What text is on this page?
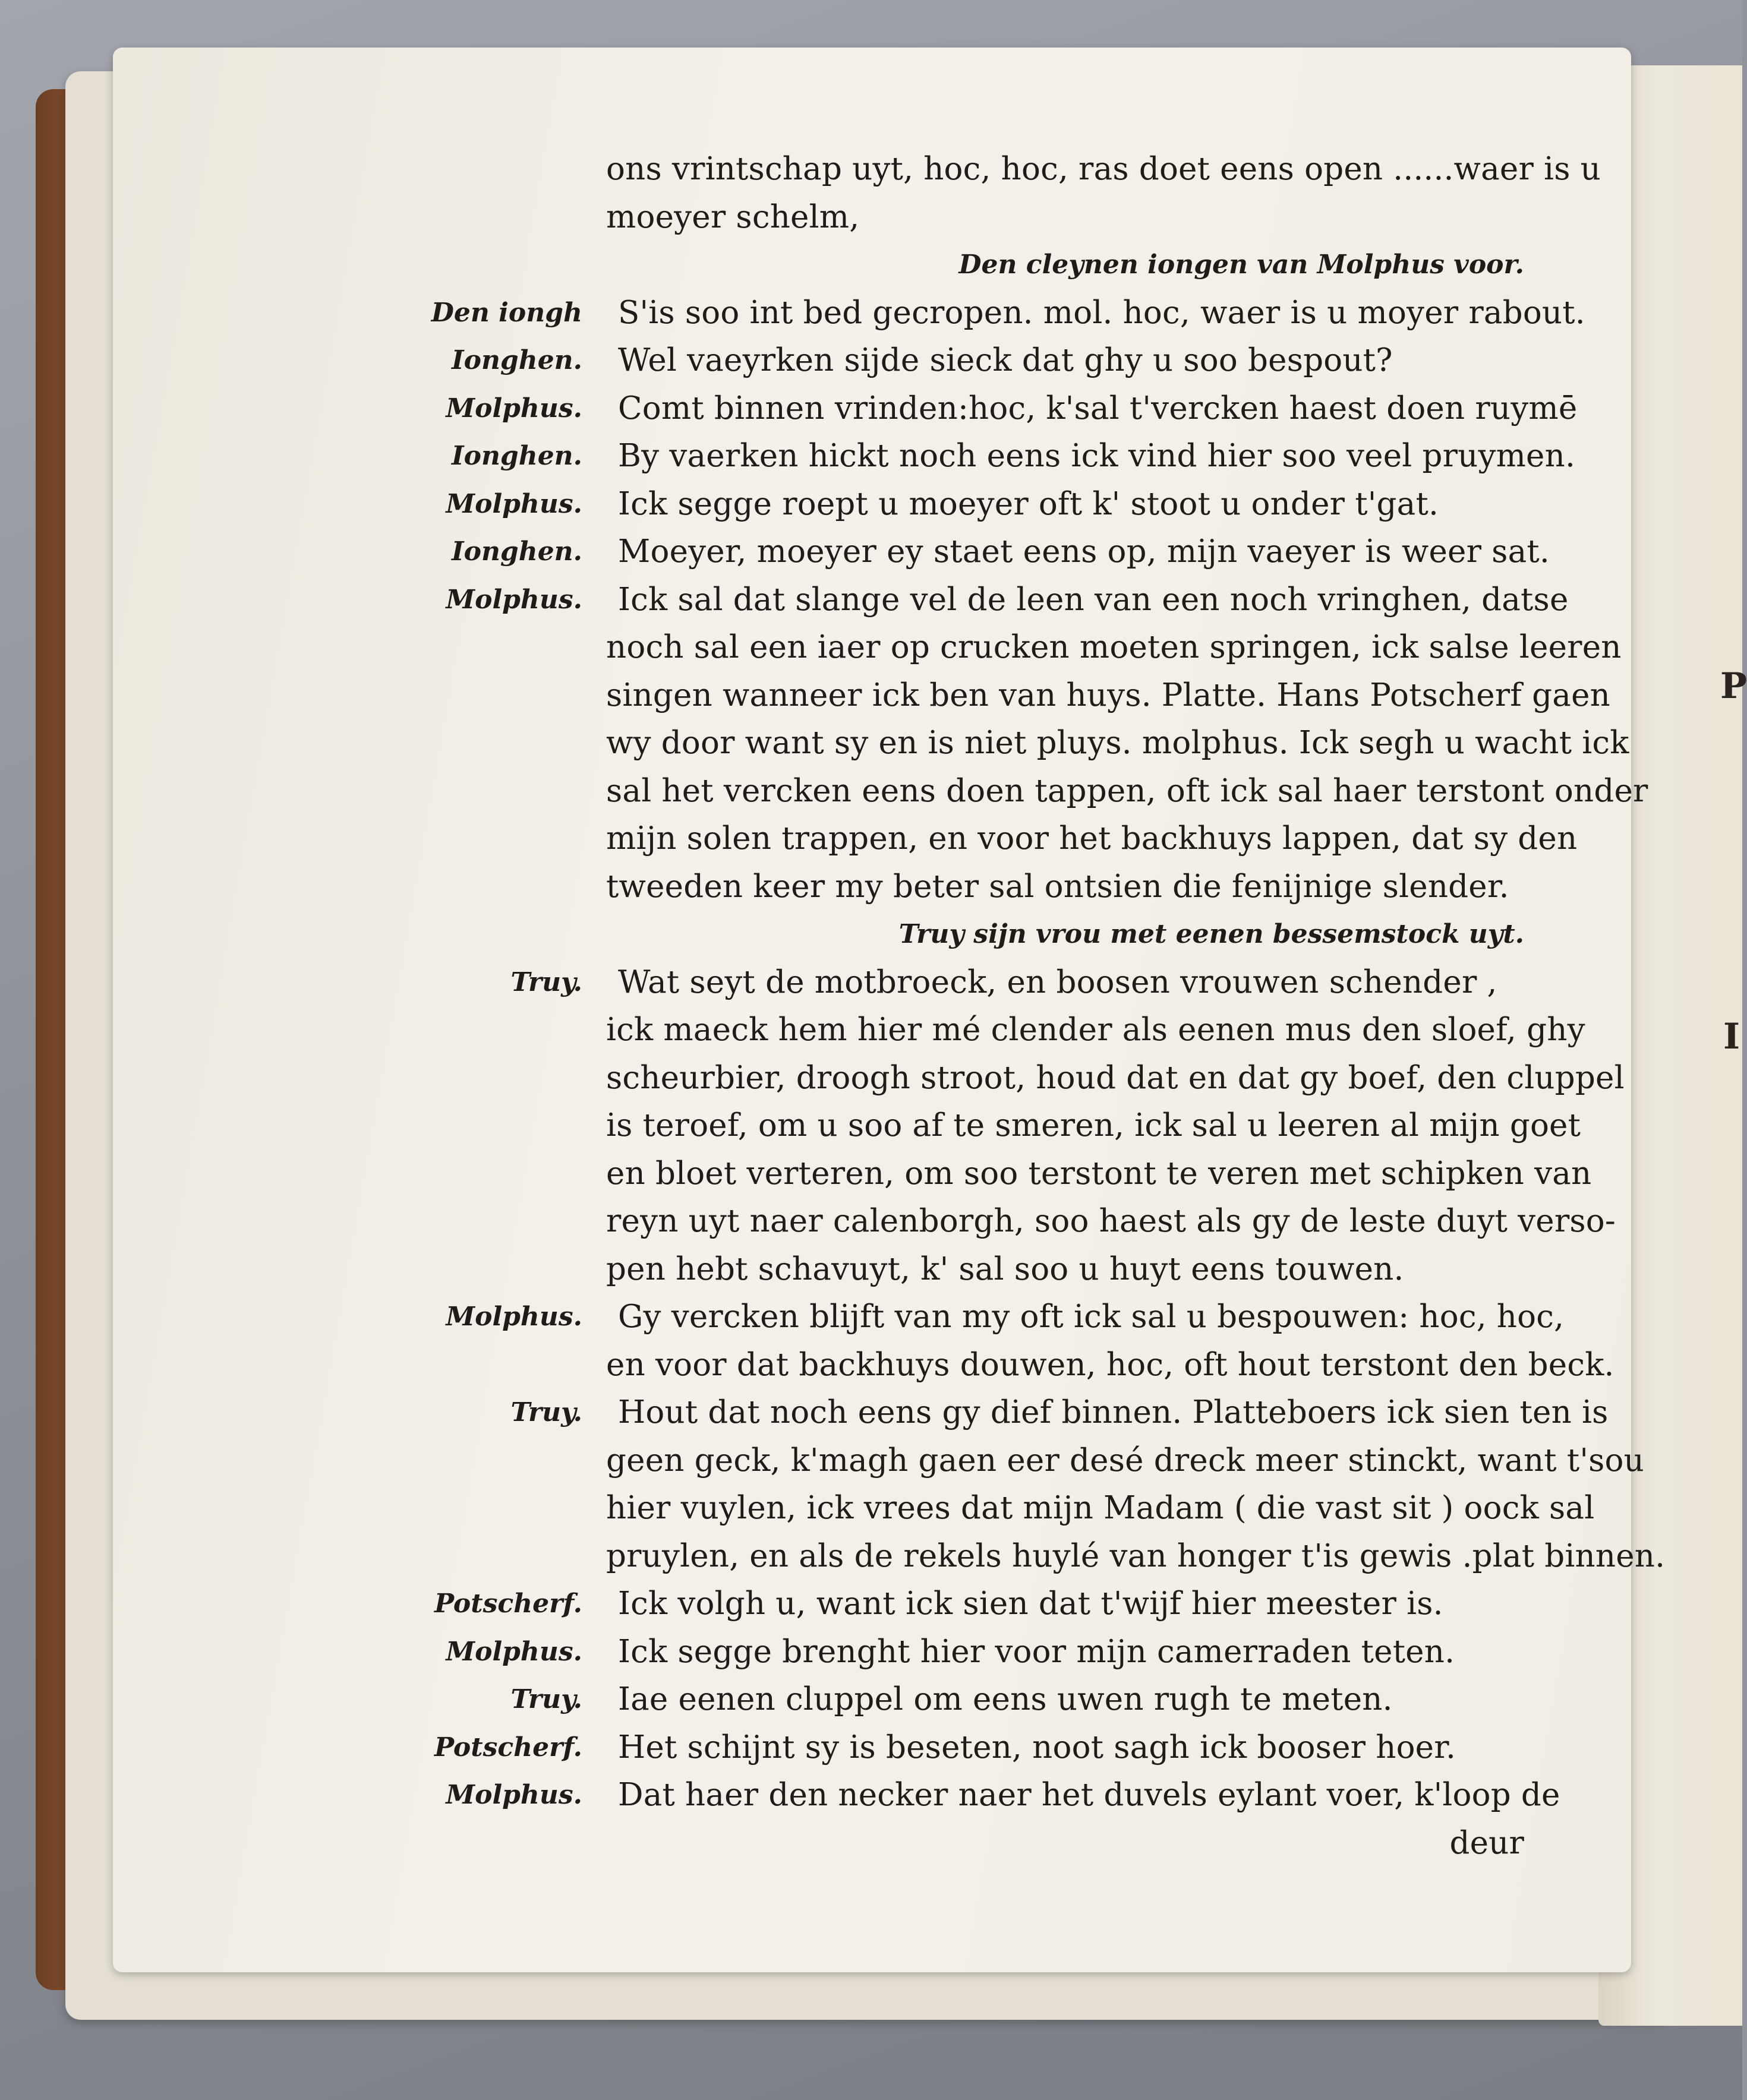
P
I
ons vrintschap uyt, hoc, hoc, ras doet eens open ......waer is u
moeyer schelm,
Den cleynen iongen van Molphus voor.
Den iongh S'is soo int bed gecropen. mol. hoc, waer is u moyer rabout.
Ionghen. Wel vaeyrken sijde sieck dat ghy u soo bespout?
Molphus. Comt binnen vrinden:hoc, k'sal t'vercken haest doen ruymē
Ionghen. By vaerken hickt noch eens ick vind hier soo veel pruymen.
Molphus. Ick segge roept u moeyer oft k' stoot u onder t'gat.
Ionghen. Moeyer, moeyer ey staet eens op, mijn vaeyer is weer sat.
Molphus. Ick sal dat slange vel de leen van een noch vringhen, datse
noch sal een iaer op crucken moeten springen, ick salse leeren
singen wanneer ick ben van huys. Platte. Hans Potscherf gaen
wy door want sy en is niet pluys. molphus. Ick segh u wacht ick
sal het vercken eens doen tappen, oft ick sal haer terstont onder
mijn solen trappen, en voor het backhuys lappen, dat sy den
tweeden keer my beter sal ontsien die fenijnige slender.
Truy sijn vrou met eenen bessemstock uyt.
Truy. Wat seyt de motbroeck, en boosen vrouwen schender ,
ick maeck hem hier mé clender als eenen mus den sloef, ghy
scheurbier, droogh stroot, houd dat en dat gy boef, den cluppel
is teroef, om u soo af te smeren, ick sal u leeren al mijn goet
en bloet verteren, om soo terstont te veren met schipken van
reyn uyt naer calenborgh, soo haest als gy de leste duyt verso-
pen hebt schavuyt, k' sal soo u huyt eens touwen.
Molphus. Gy vercken blijft van my oft ick sal u bespouwen: hoc, hoc,
en voor dat backhuys douwen, hoc, oft hout terstont den beck.
Truy. Hout dat noch eens gy dief binnen. Platteboers ick sien ten is
geen geck, k'magh gaen eer desé dreck meer stinckt, want t'sou
hier vuylen, ick vrees dat mijn Madam ( die vast sit ) oock sal
pruylen, en als de rekels huylé van honger t'is gewis .plat binnen.
Potscherf. Ick volgh u, want ick sien dat t'wijf hier meester is.
Molphus. Ick segge brenght hier voor mijn camerraden teten.
Truy. Iae eenen cluppel om eens uwen rugh te meten.
Potscherf. Het schijnt sy is beseten, noot sagh ick booser hoer.
Molphus. Dat haer den necker naer het duvels eylant voer, k'loop de
deur
